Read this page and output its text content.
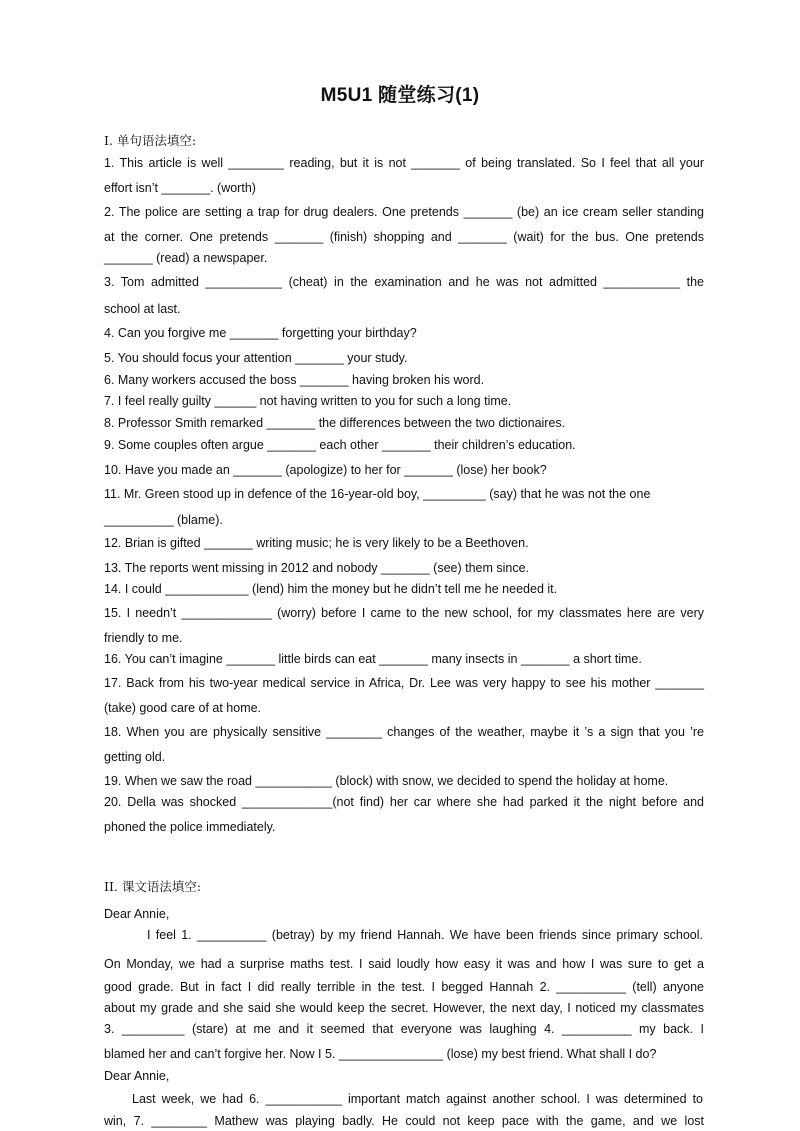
M5U1 随堂练习(1)
I. 单句语法填空:
1. This article is well ________ reading, but it is not _______ of being translated. So I feel that all your
effort isn’t _______. (worth)
2. The police are setting a trap for drug dealers. One pretends _______ (be) an ice cream seller standing
at the corner. One pretends _______ (finish) shopping and _______ (wait) for the bus. One pretends
_______ (read) a newspaper.
3. Tom admitted ___________ (cheat) in the examination and he was not admitted ___________ the
school at last.
4. Can you forgive me _______ forgetting your birthday?
5. You should focus your attention _______ your study.
6. Many workers accused the boss _______ having broken his word.
7. I feel really guilty ______ not having written to you for such a long time.
8. Professor Smith remarked _______ the differences between the two dictionaires.
9. Some couples often argue _______ each other _______ their children’s education.
10. Have you made an _______ (apologize) to her for _______ (lose) her book?
11. Mr. Green stood up in defence of the 16-year-old boy, _________ (say) that he was not the one
__________ (blame).
12. Brian is gifted _______ writing music; he is very likely to be a Beethoven.
13. The reports went missing in 2012 and nobody _______ (see) them since.
14. I could ____________ (lend) him the money but he didn’t tell me he needed it.
15. I needn’t _____________ (worry) before I came to the new school, for my classmates here are very
friendly to me.
16. You can’t imagine _______ little birds can eat _______ many insects in _______ a short time.
17. Back from his two-year medical service in Africa, Dr. Lee was very happy to see his mother _______
(take) good care of at home.
18. When you are physically sensitive ________ changes of the weather, maybe it ’s a sign that you ’re
getting old.
19. When we saw the road ___________ (block) with snow, we decided to spend the holiday at home.
20. Della was shocked _____________(not find) her car where she had parked it the night before and
phoned the police immediately.
II. 课文语法填空:
Dear Annie,
I feel 1. __________ (betray) by my friend Hannah. We have been friends since primary school.
On Monday, we had a surprise maths test. I said loudly how easy it was and how I was sure to get a
good grade. But in fact I did really terrible in the test. I begged Hannah 2. __________ (tell) anyone
about my grade and she said she would keep the secret. However, the next day, I noticed my classmates
3. _________ (stare) at me and it seemed that everyone was laughing 4. __________ my back. I
blamed her and can’t forgive her. Now I 5. _______________ (lose) my best friend. What shall I do?
Dear Annie,
Last week, we had 6. ___________ important match against another school. I was determined to
win, 7. ________ Mathew was playing badly. He could not keep pace with the game, and we lost
